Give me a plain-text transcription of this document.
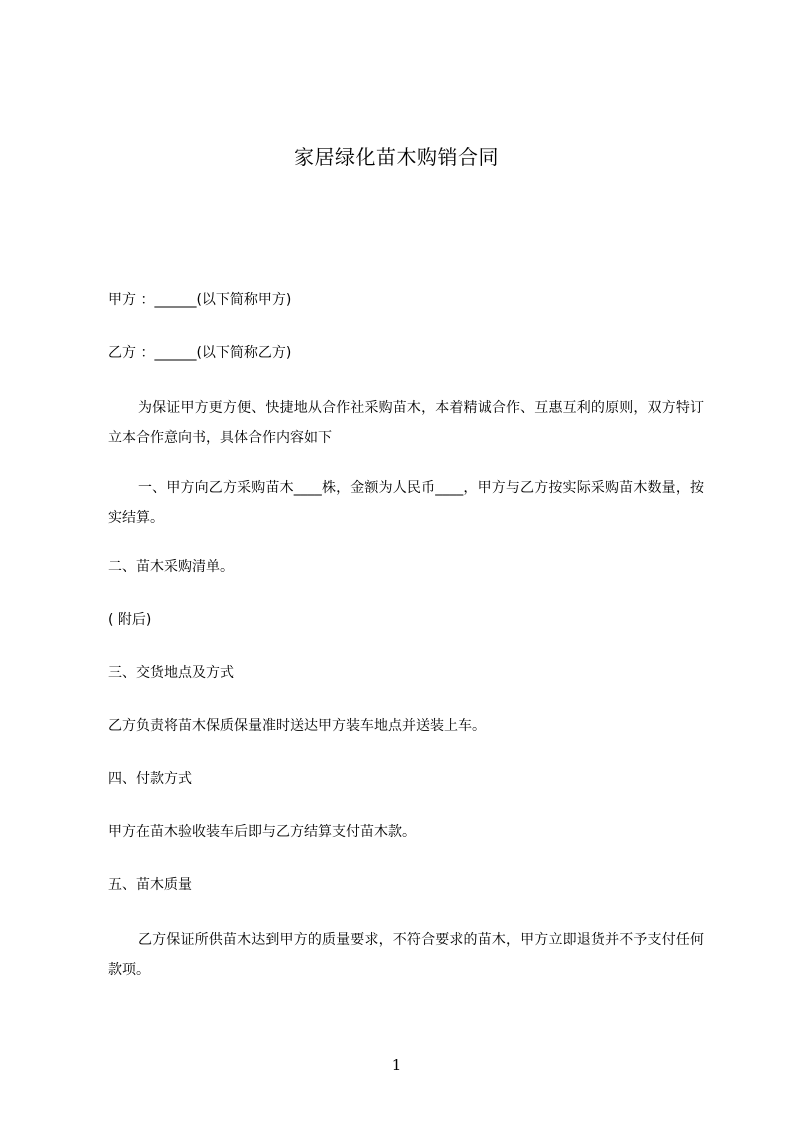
家居绿化苗木购销合同
甲方 ：______(以下简称甲方)
乙方 ：______(以下简称乙方)
为保证甲方更方便、快捷地从合作社采购苗木，本着精诚合作、互惠互利的原则，双方特订立本合作意向书，具体合作内容如下
一、甲方向乙方采购苗木____株，金额为人民币____，甲方与乙方按实际采购苗木数量，按实结算。
二、苗木采购清单。
( 附后)
三、交货地点及方式
乙方负责将苗木保质保量准时送达甲方装车地点并送装上车。
四、付款方式
甲方在苗木验收装车后即与乙方结算支付苗木款。
五、苗木质量
乙方保证所供苗木达到甲方的质量要求，不符合要求的苗木，甲方立即退货并不予支付任何款项。
1
